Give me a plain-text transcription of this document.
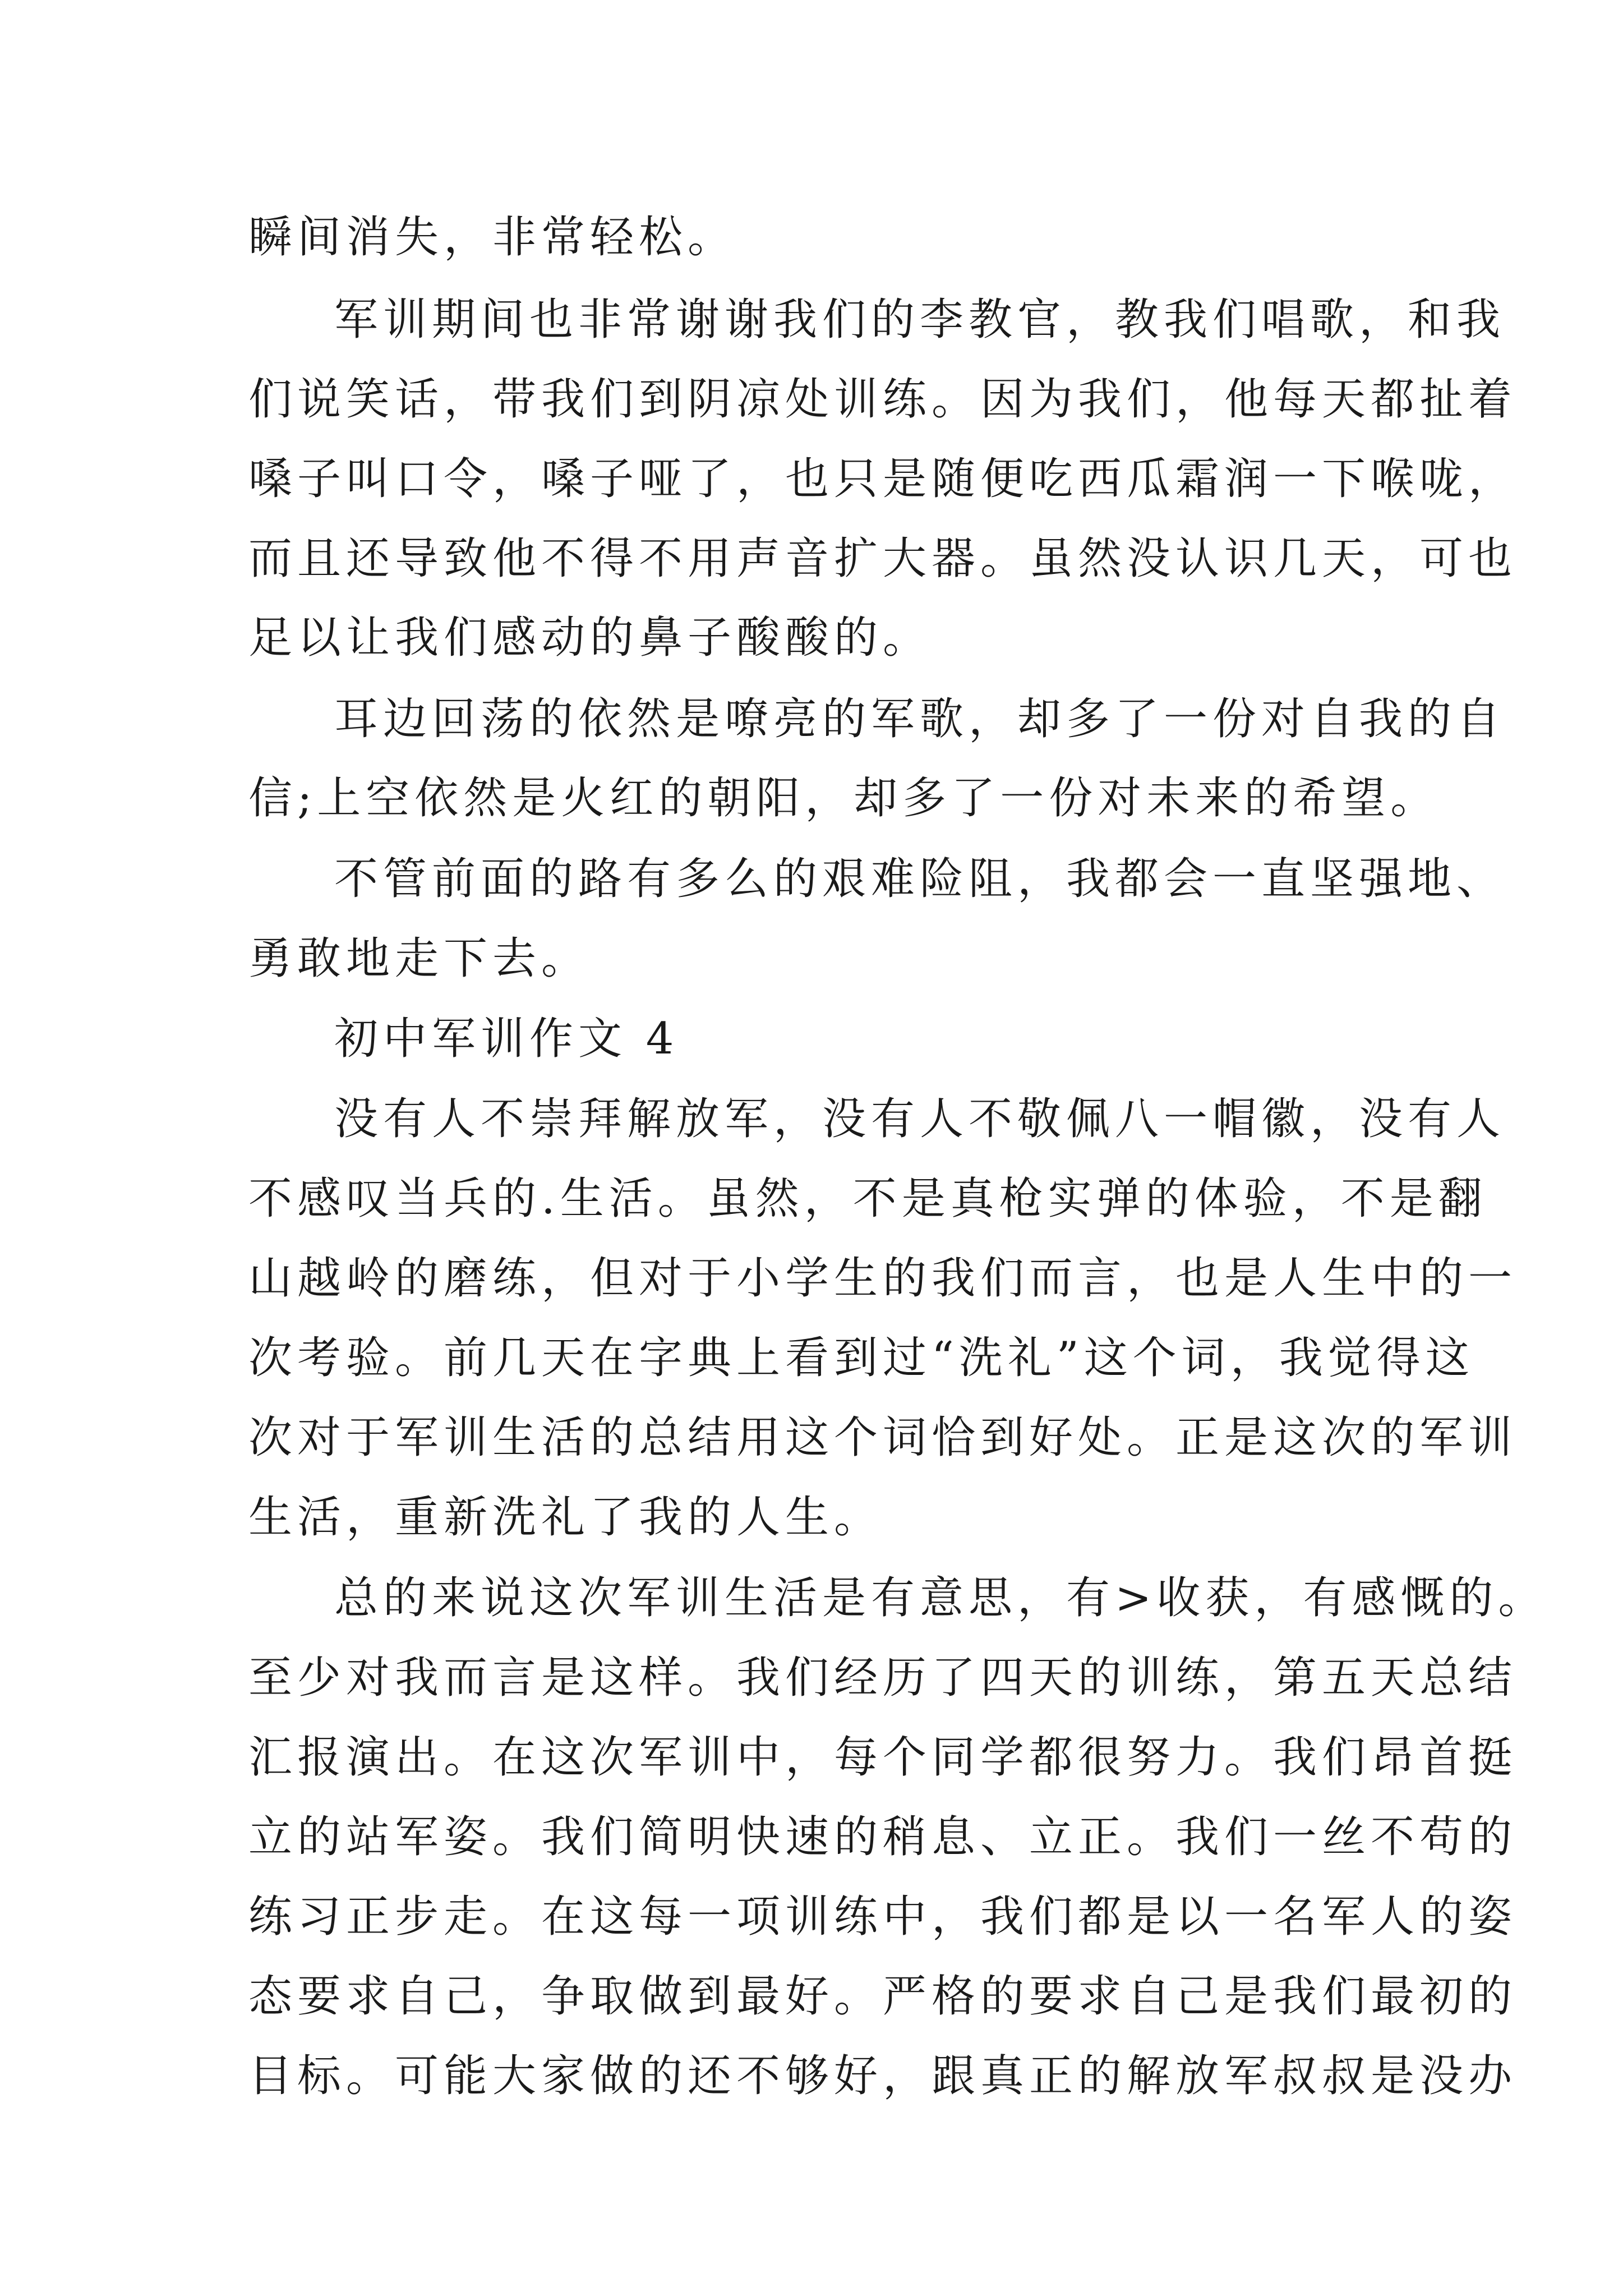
瞬间消失，非常轻松。
军训期间也非常谢谢我们的李教官，教我们唱歌，和我
们说笑话，带我们到阴凉处训练。因为我们，他每天都扯着
嗓子叫口令，嗓子哑了，也只是随便吃西瓜霜润一下喉咙，
而且还导致他不得不用声音扩大器。虽然没认识几天，可也
足以让我们感动的鼻子酸酸的。
耳边回荡的依然是嘹亮的军歌，却多了一份对自我的自
信;上空依然是火红的朝阳，却多了一份对未来的希望。
不管前面的路有多么的艰难险阻，我都会一直坚强地、
勇敢地走下去。
初中军训作文 4
没有人不崇拜解放军，没有人不敬佩八一帽徽，没有人
不感叹当兵的.生活。虽然，不是真枪实弹的体验，不是翻
山越岭的磨练，但对于小学生的我们而言，也是人生中的一
次考验。前几天在字典上看到过“洗礼”这个词，我觉得这
次对于军训生活的总结用这个词恰到好处。正是这次的军训
生活，重新洗礼了我的人生。
总的来说这次军训生活是有意思，有>收获，有感慨的。
至少对我而言是这样。我们经历了四天的训练，第五天总结
汇报演出。在这次军训中，每个同学都很努力。我们昂首挺
立的站军姿。我们简明快速的稍息、立正。我们一丝不苟的
练习正步走。在这每一项训练中，我们都是以一名军人的姿
态要求自己，争取做到最好。严格的要求自己是我们最初的
目标。可能大家做的还不够好，跟真正的解放军叔叔是没办
